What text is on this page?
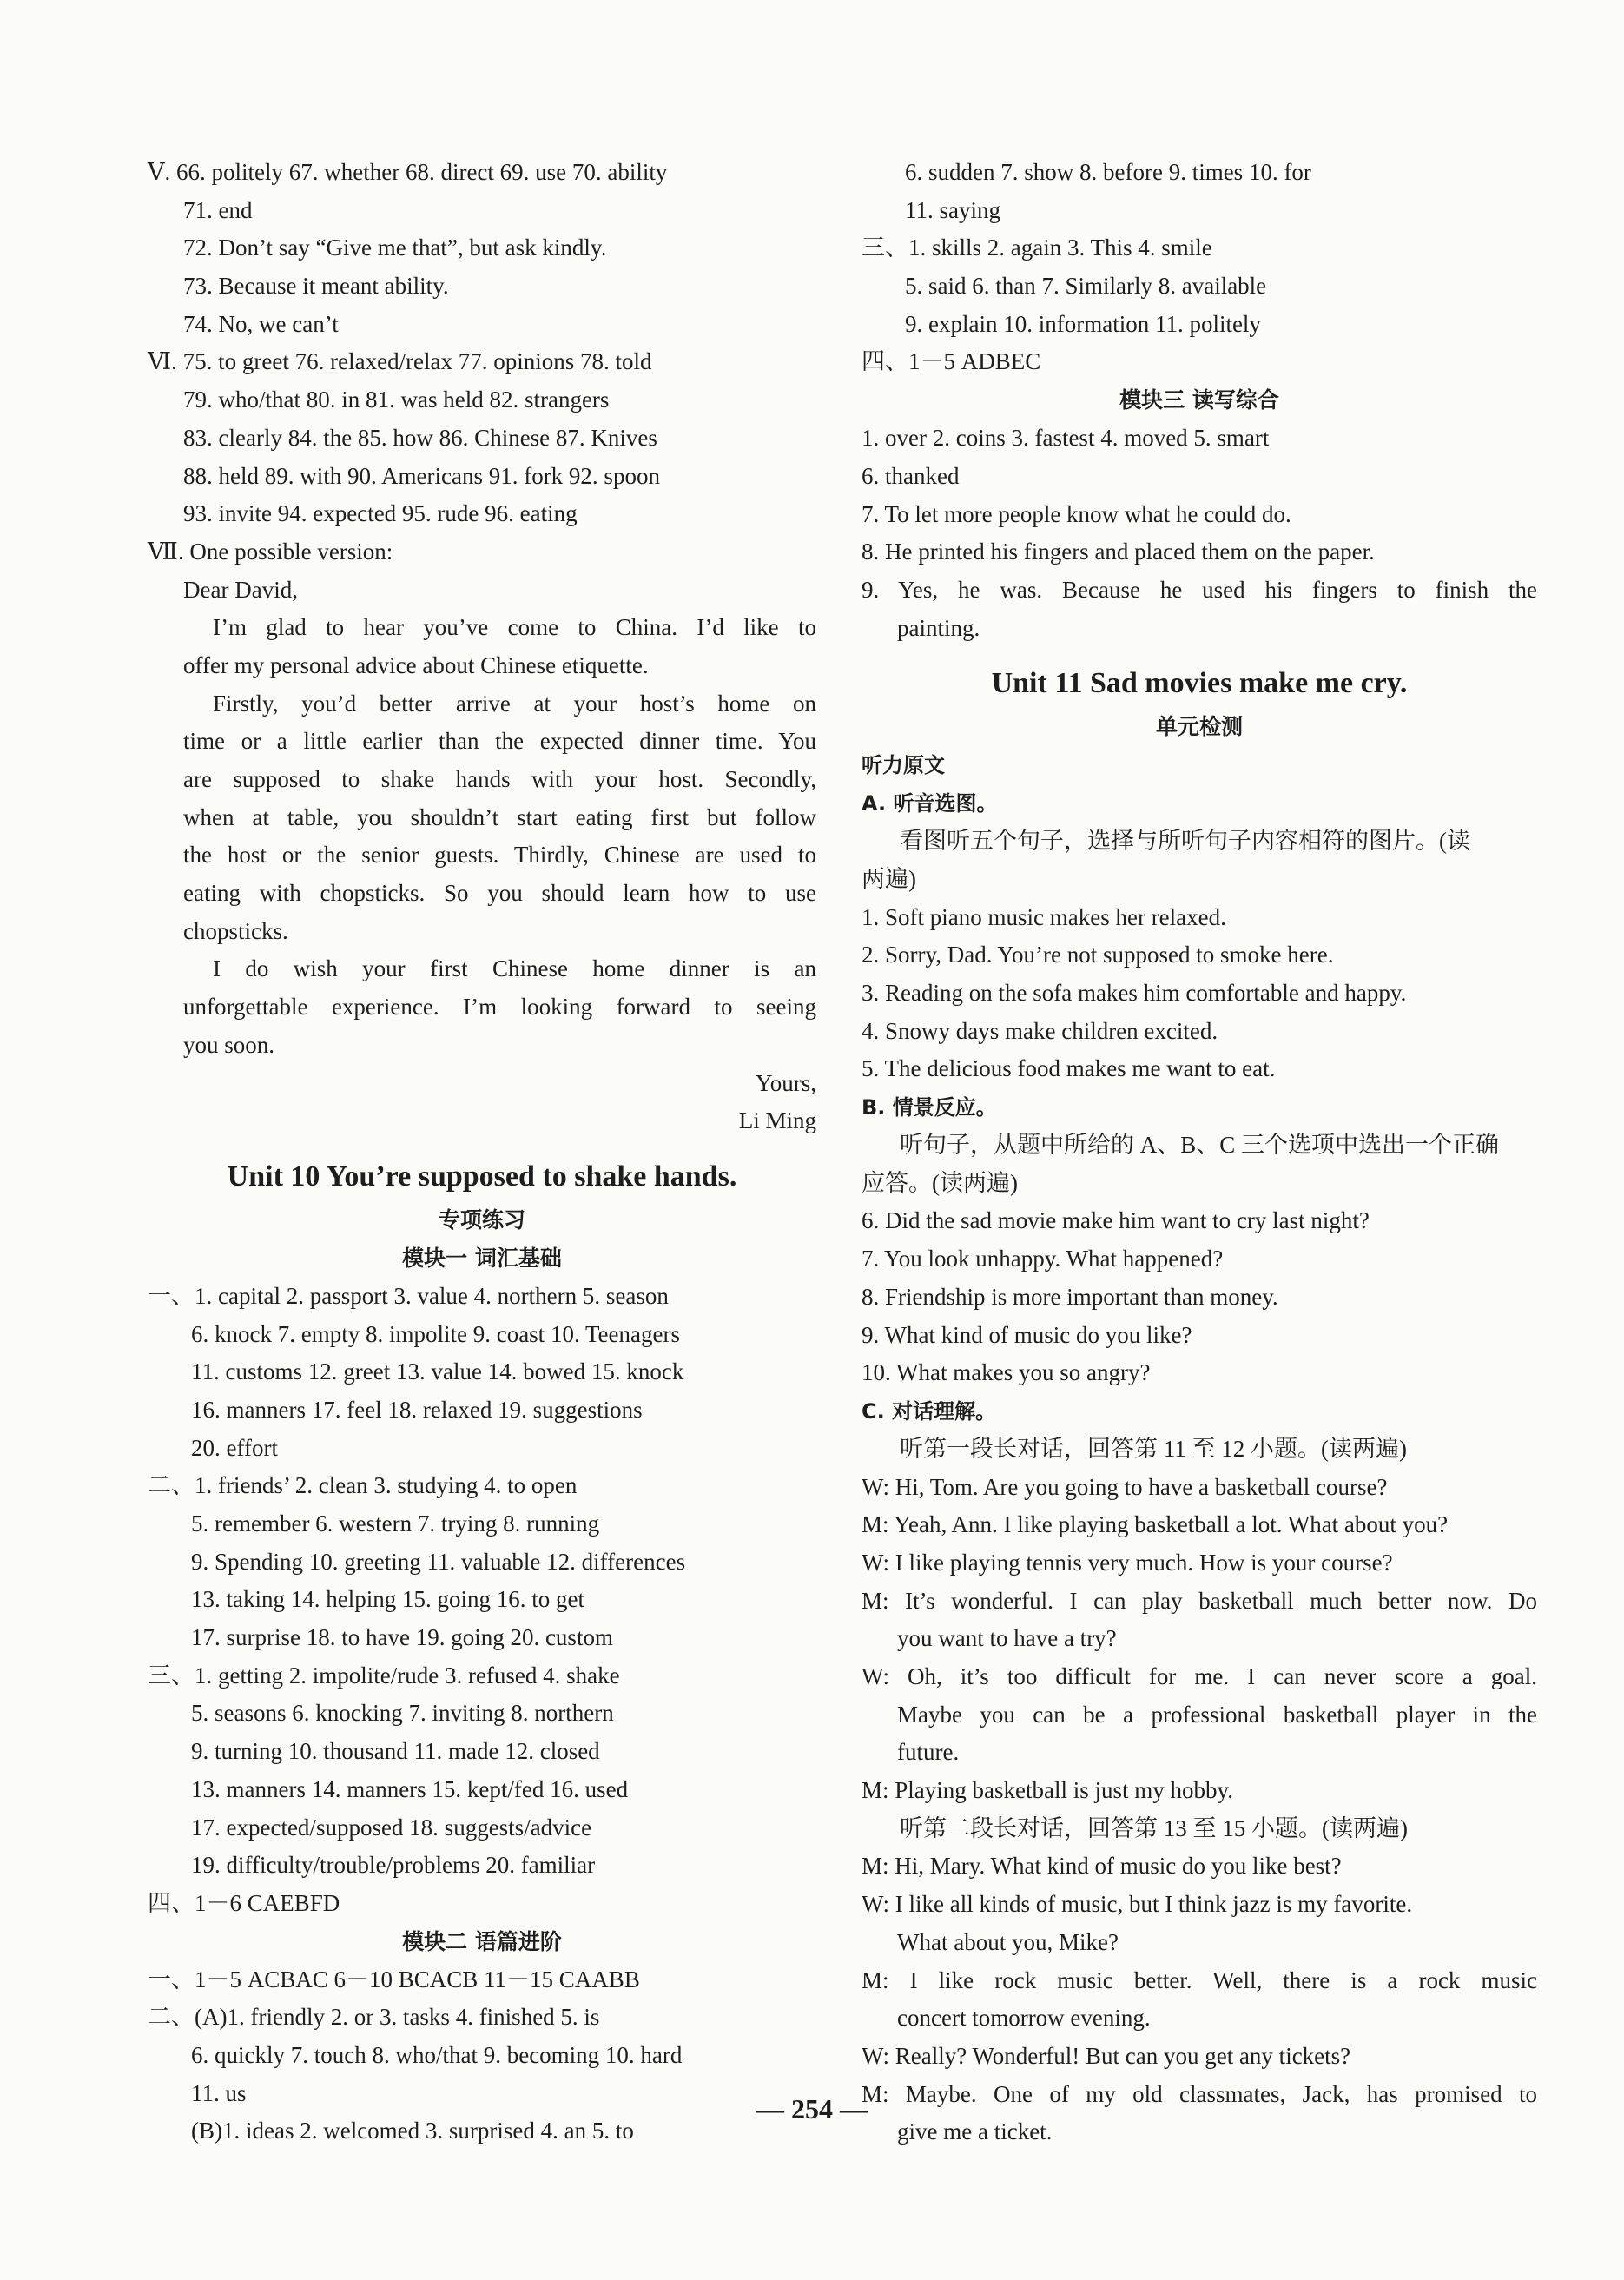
Ⅴ. 66. politely 67. whether 68. direct 69. use 70. ability
71. end
72. Don’t say “Give me that”, but ask kindly.
73. Because it meant ability.
74. No, we can’t
Ⅵ. 75. to greet 76. relaxed/relax 77. opinions 78. told
79. who/that 80. in 81. was held 82. strangers
83. clearly 84. the 85. how 86. Chinese 87. Knives
88. held 89. with 90. Americans 91. fork 92. spoon
93. invite 94. expected 95. rude 96. eating
Ⅶ. One possible version:
Dear David,
I’m glad to hear you’ve come to China. I’d like to
offer my personal advice about Chinese etiquette.
Firstly, you’d better arrive at your host’s home on
time or a little earlier than the expected dinner time. You
are supposed to shake hands with your host. Secondly,
when at table, you shouldn’t start eating first but follow
the host or the senior guests. Thirdly, Chinese are used to
eating with chopsticks. So you should learn how to use
chopsticks.
I do wish your first Chinese home dinner is an
unforgettable experience. I’m looking forward to seeing
you soon.
Yours,
Li Ming
Unit 10 You’re supposed to shake hands.
专项练习
模块一 词汇基础
一、1. capital 2. passport 3. value 4. northern 5. season
6. knock 7. empty 8. impolite 9. coast 10. Teenagers
11. customs 12. greet 13. value 14. bowed 15. knock
16. manners 17. feel 18. relaxed 19. suggestions
20. effort
二、1. friends’ 2. clean 3. studying 4. to open
5. remember 6. western 7. trying 8. running
9. Spending 10. greeting 11. valuable 12. differences
13. taking 14. helping 15. going 16. to get
17. surprise 18. to have 19. going 20. custom
三、1. getting 2. impolite/rude 3. refused 4. shake
5. seasons 6. knocking 7. inviting 8. northern
9. turning 10. thousand 11. made 12. closed
13. manners 14. manners 15. kept/fed 16. used
17. expected/supposed 18. suggests/advice
19. difficulty/trouble/problems 20. familiar
四、1－6 CAEBFD
模块二 语篇进阶
一、1－5 ACBAC 6－10 BCACB 11－15 CAABB
二、(A)1. friendly 2. or 3. tasks 4. finished 5. is
6. quickly 7. touch 8. who/that 9. becoming 10. hard
11. us
(B)1. ideas 2. welcomed 3. surprised 4. an 5. to
6. sudden 7. show 8. before 9. times 10. for
11. saying
三、1. skills 2. again 3. This 4. smile
5. said 6. than 7. Similarly 8. available
9. explain 10. information 11. politely
四、1－5 ADBEC
模块三 读写综合
1. over 2. coins 3. fastest 4. moved 5. smart
6. thanked
7. To let more people know what he could do.
8. He printed his fingers and placed them on the paper.
9. Yes, he was. Because he used his fingers to finish the
painting.
Unit 11 Sad movies make me cry.
单元检测
听力原文
A. 听音选图。
看图听五个句子，选择与所听句子内容相符的图片。(读
两遍)
1. Soft piano music makes her relaxed.
2. Sorry, Dad. You’re not supposed to smoke here.
3. Reading on the sofa makes him comfortable and happy.
4. Snowy days make children excited.
5. The delicious food makes me want to eat.
B. 情景反应。
听句子，从题中所给的 A、B、C 三个选项中选出一个正确
应答。(读两遍)
6. Did the sad movie make him want to cry last night?
7. You look unhappy. What happened?
8. Friendship is more important than money.
9. What kind of music do you like?
10. What makes you so angry?
C. 对话理解。
听第一段长对话，回答第 11 至 12 小题。(读两遍)
W: Hi, Tom. Are you going to have a basketball course?
M: Yeah, Ann. I like playing basketball a lot. What about you?
W: I like playing tennis very much. How is your course?
M: It’s wonderful. I can play basketball much better now. Do
you want to have a try?
W: Oh, it’s too difficult for me. I can never score a goal.
Maybe you can be a professional basketball player in the
future.
M: Playing basketball is just my hobby.
听第二段长对话，回答第 13 至 15 小题。(读两遍)
M: Hi, Mary. What kind of music do you like best?
W: I like all kinds of music, but I think jazz is my favorite.
What about you, Mike?
M: I like rock music better. Well, there is a rock music
concert tomorrow evening.
W: Really? Wonderful! But can you get any tickets?
M: Maybe. One of my old classmates, Jack, has promised to
give me a ticket.
— 254 —
